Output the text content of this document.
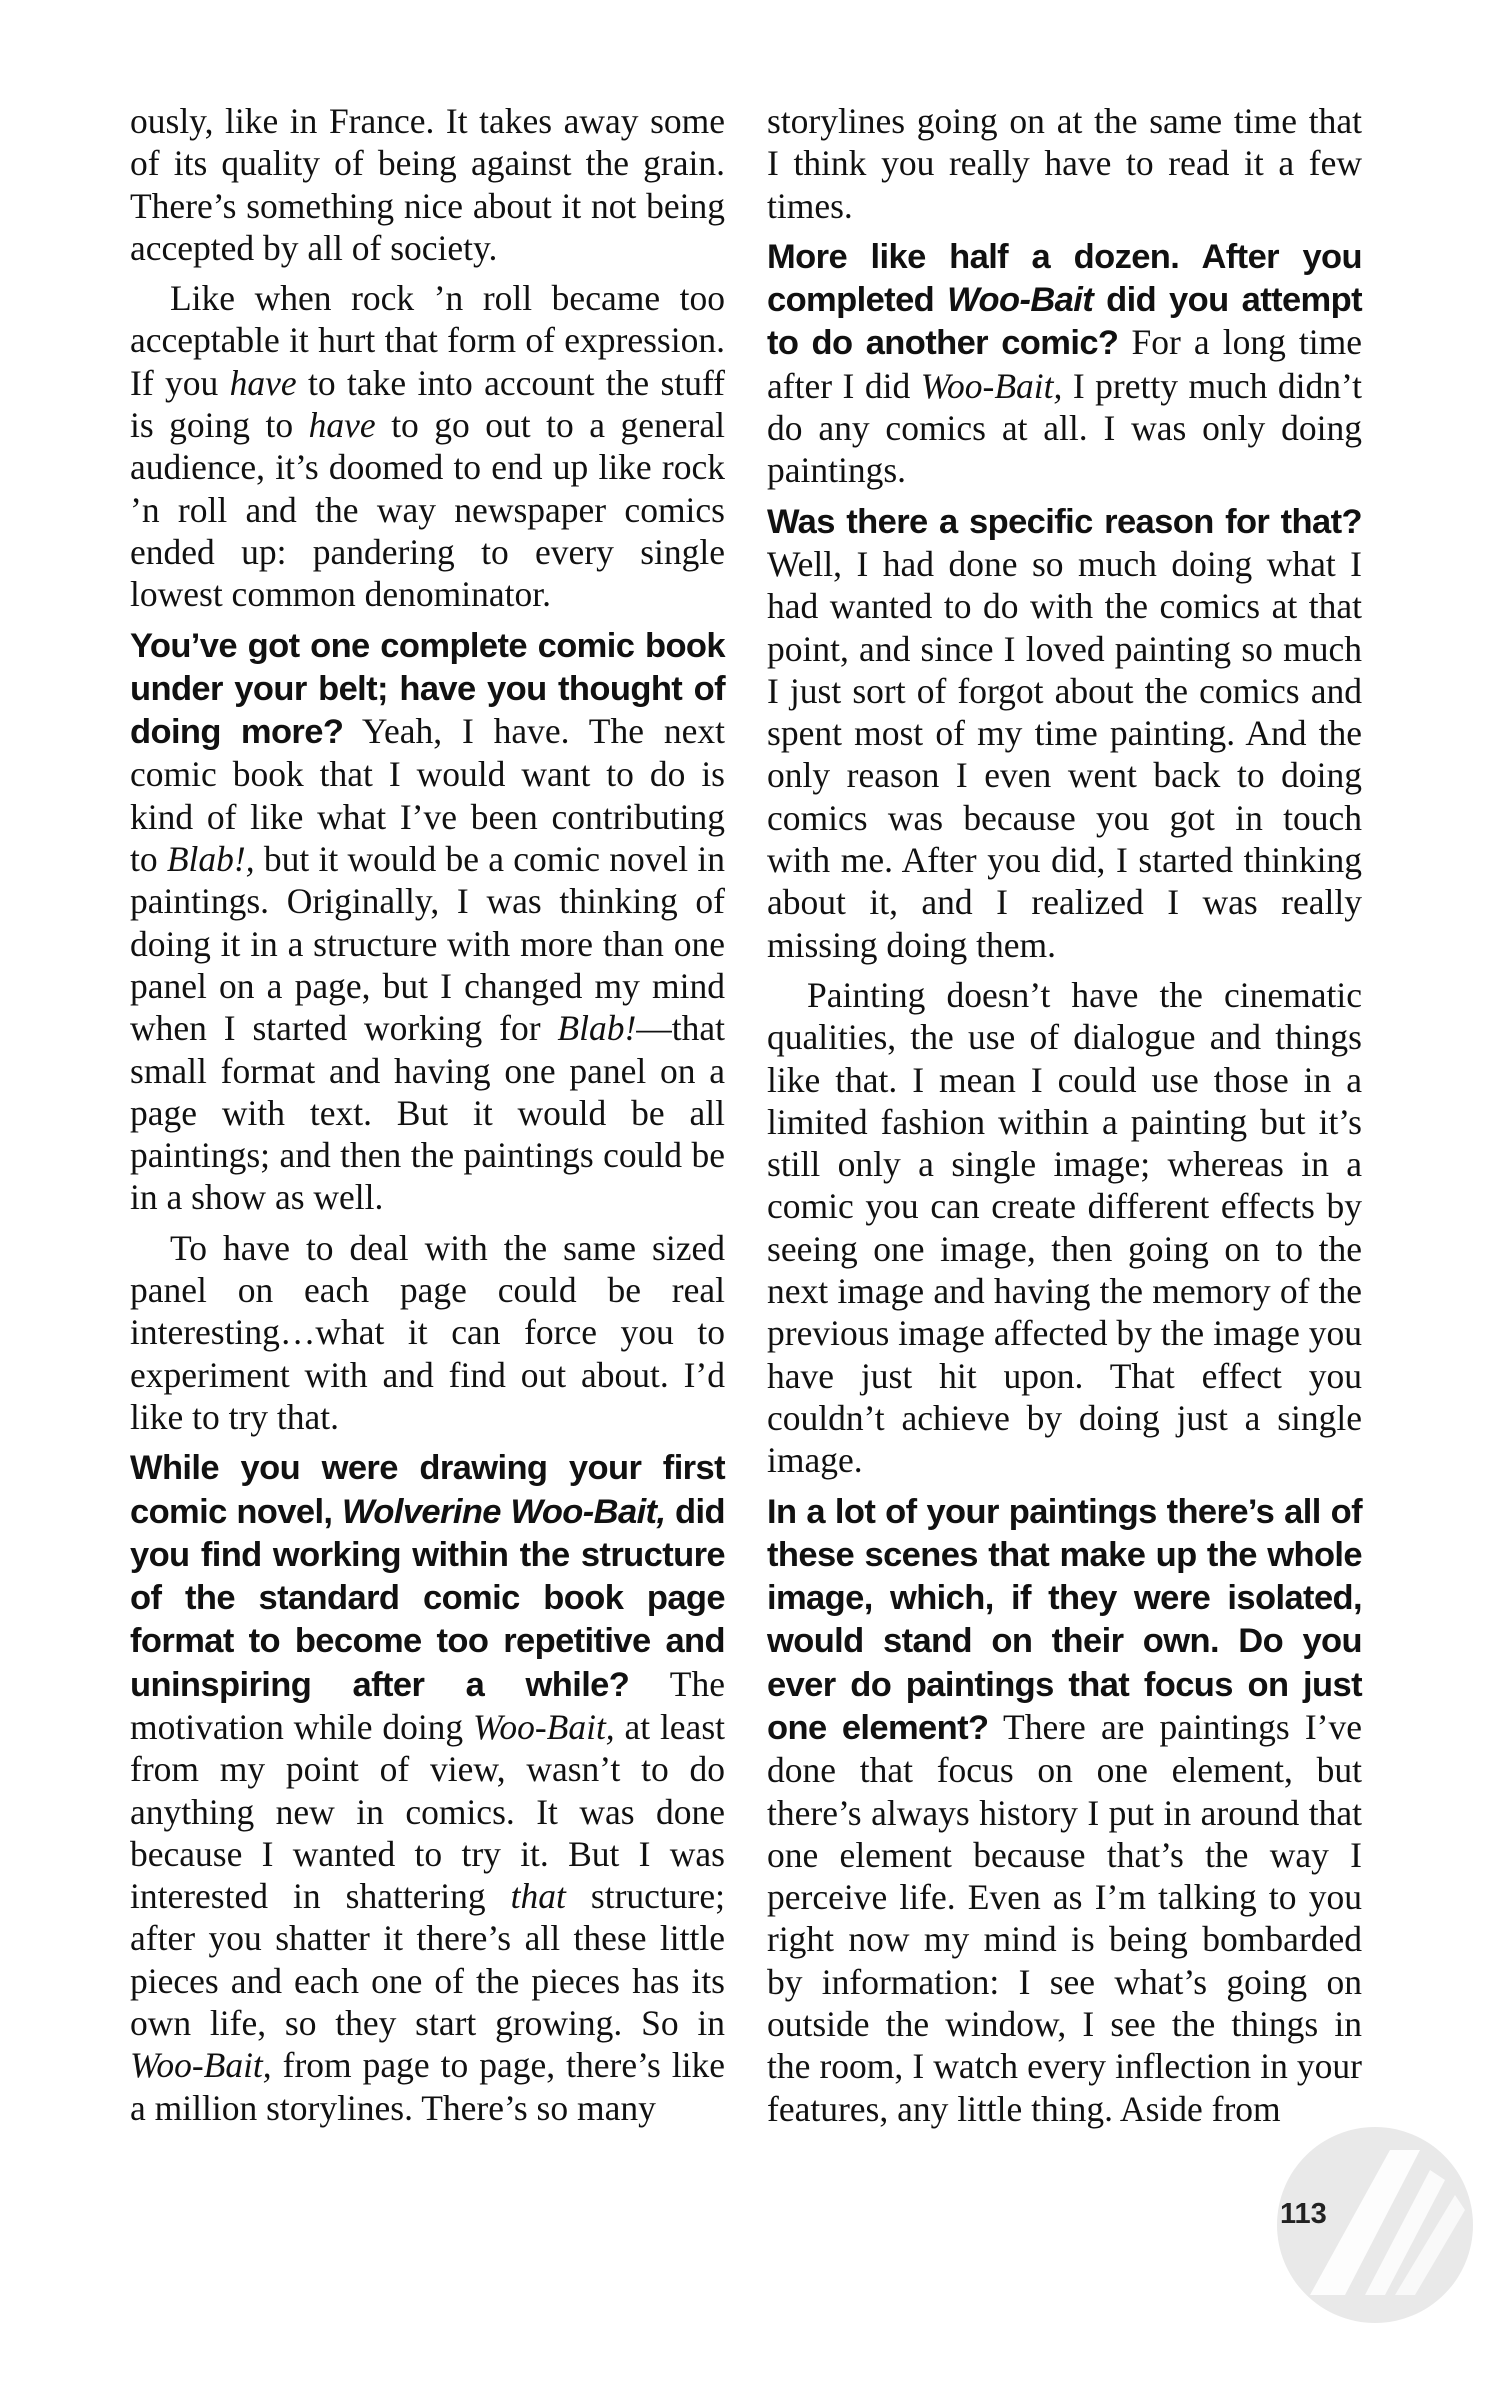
ously, like in France. It takes away some of its quality of being against the grain. There’s something nice about it not being accepted by all of society.

Like when rock ’n roll became too acceptable it hurt that form of expression. If you have to take into account the stuff is going to have to go out to a general audience, it’s doomed to end up like rock ’n roll and the way newspaper comics ended up: pandering to every single lowest common denominator.

You’ve got one complete comic book under your belt; have you thought of doing more? Yeah, I have. The next comic book that I would want to do is kind of like what I’ve been contributing to Blab!, but it would be a comic novel in paintings. Originally, I was thinking of doing it in a structure with more than one panel on a page, but I changed my mind when I started working for Blab!—that small format and having one panel on a page with text. But it would be all paintings; and then the paintings could be in a show as well.

To have to deal with the same sized panel on each page could be real interesting…what it can force you to experiment with and find out about. I’d like to try that.

While you were drawing your first comic novel, Wolverine Woo-Bait, did you find working within the structure of the standard comic book page format to become too repetitive and uninspiring after a while? The motivation while doing Woo-Bait, at least from my point of view, wasn’t to do anything new in comics. It was done because I wanted to try it. But I was interested in shattering that structure; after you shatter it there’s all these little pieces and each one of the pieces has its own life, so they start growing. So in Woo-Bait, from page to page, there’s like a million storylines. There’s so many

storylines going on at the same time that I think you really have to read it a few times.

More like half a dozen. After you completed Woo-Bait did you attempt to do another comic? For a long time after I did Woo-Bait, I pretty much didn’t do any comics at all. I was only doing paintings.

Was there a specific reason for that? Well, I had done so much doing what I had wanted to do with the comics at that point, and since I loved painting so much I just sort of forgot about the comics and spent most of my time painting. And the only reason I even went back to doing comics was because you got in touch with me. After you did, I started thinking about it, and I realized I was really missing doing them.

Painting doesn’t have the cinematic qualities, the use of dialogue and things like that. I mean I could use those in a limited fashion within a painting but it’s still only a single image; whereas in a comic you can create different effects by seeing one image, then going on to the next image and having the memory of the previous image affected by the image you have just hit upon. That effect you couldn’t achieve by doing just a single image.

In a lot of your paintings there’s all of these scenes that make up the whole image, which, if they were isolated, would stand on their own. Do you ever do paintings that focus on just one element? There are paintings I’ve done that focus on one element, but there’s always history I put in around that one element because that’s the way I perceive life. Even as I’m talking to you right now my mind is being bombarded by information: I see what’s going on outside the window, I see the things in the room, I watch every inflection in your features, any little thing. Aside from

113
